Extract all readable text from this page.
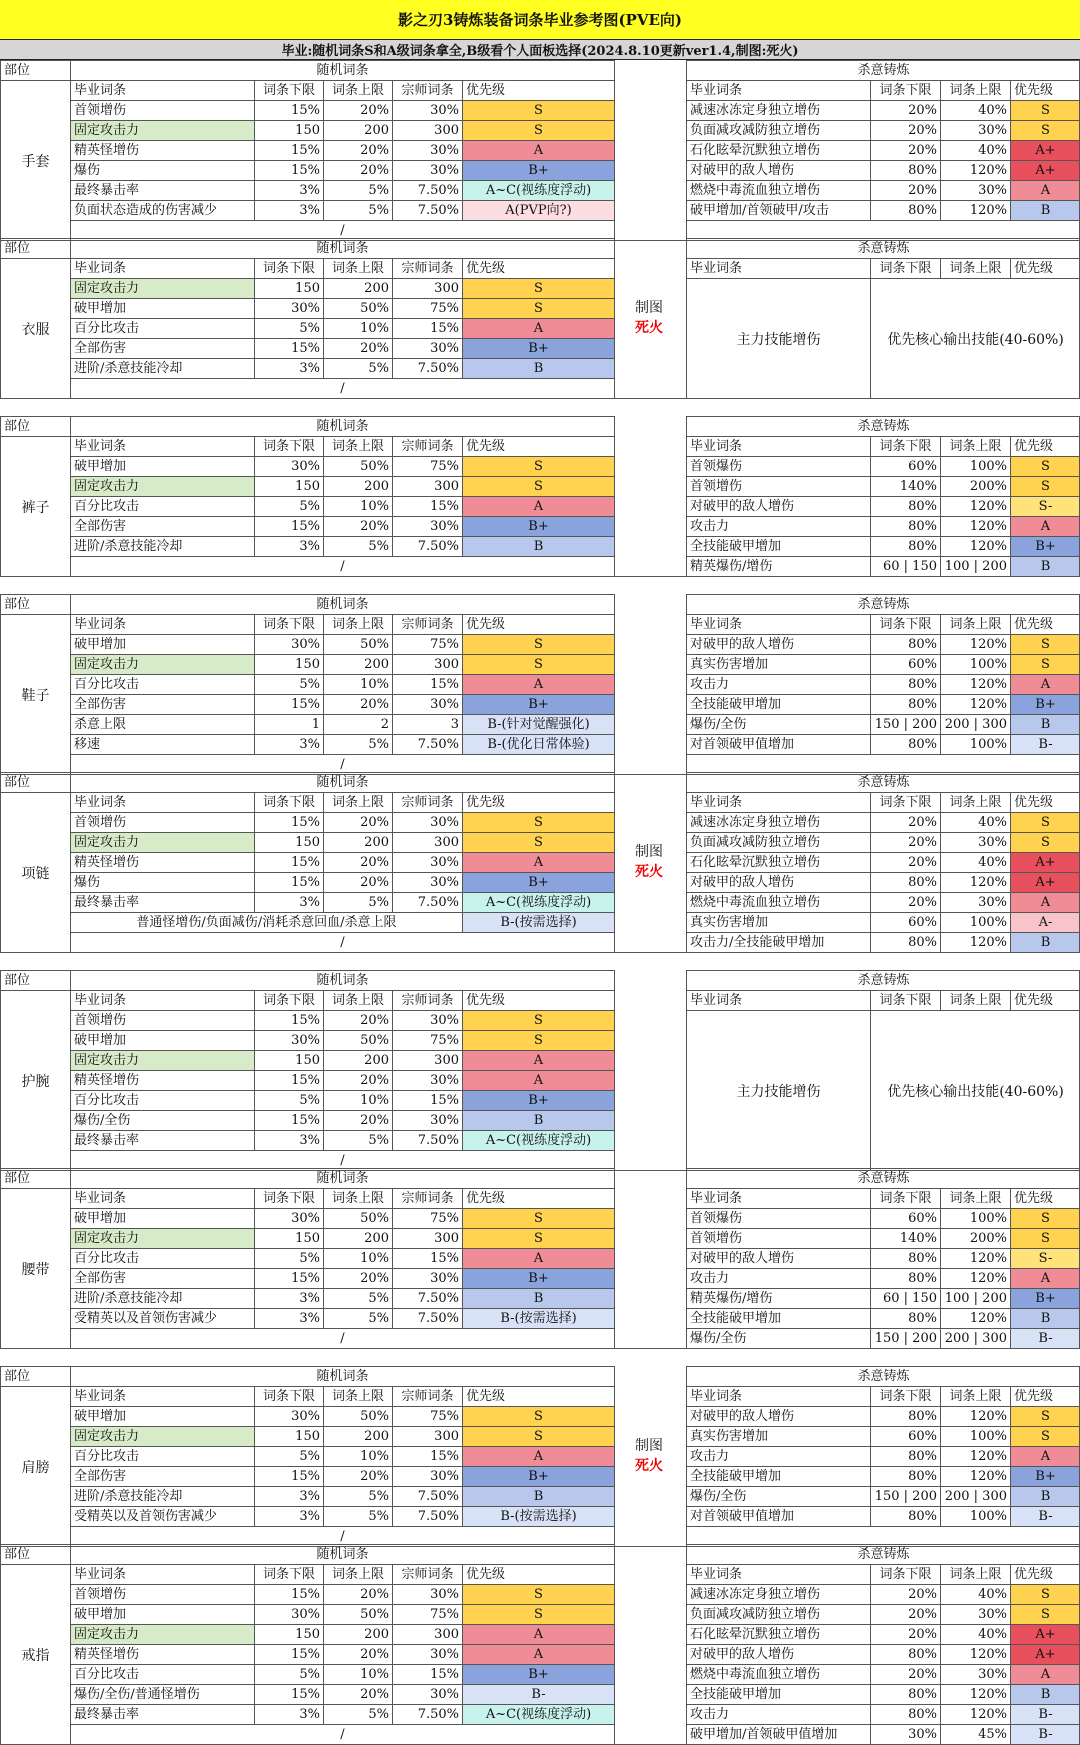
影之刃3铸炼装备词条毕业参考图(PVE向)
毕业:随机词条S和A级词条拿全,B级看个人面板选择(2024.8.10更新ver1.4,制图:死火)
部位	随机词条	杀意铸炼
毕业词条	词条下限	词条上限	宗师词条 优先级	毕业词条	词条下限	词条上限 优先级
首领增伤	15%	20%	30%	S
固定攻击力	150	200	300	S
精英怪增伤	15%	20%	30%	A
爆伤	15%	20%	30%	B+
最终暴击率	3%	5%	7.50%	A~C(视练度浮动)
负面状态造成的伤害减少	3%	5%	7.50%	A(PVP向?)
/
手套
减速冰冻定身独立增伤	20%	40%	S
负面减攻减防独立增伤	20%	30%	S
石化眩晕沉默独立增伤	20%	40%	A+
对破甲的敌人增伤	80%	120%	A+
燃烧中毒流血独立增伤	20%	30%	A
破甲增加/首领破甲/攻击	80%	120%	B
部位	随机词条	杀意铸炼
毕业词条	词条下限	词条上限	宗师词条 优先级	毕业词条	词条下限	词条上限 优先级
固定攻击力	150	200	300	S
破甲增加	30%	50%	75%	S
百分比攻击	5%	10%	15%	A
全部伤害	15%	20%	30%	B+
进阶/杀意技能冷却	3%	5%	7.50%	B
/
衣服
制图
死火
主力技能增伤	优先核心输出技能(40-60%)
部位	随机词条	杀意铸炼
毕业词条	词条下限	词条上限	宗师词条 优先级	毕业词条	词条下限	词条上限 优先级
破甲增加	30%	50%	75%	S
固定攻击力	150	200	300	S
百分比攻击	5%	10%	15%	A
全部伤害	15%	20%	30%	B+
进阶/杀意技能冷却	3%	5%	7.50%	B
/
裤子
首领爆伤	60%	100%	S
首领增伤	140%	200%	S
对破甲的敌人增伤	80%	120%	S-
攻击力	80%	120%	A
全技能破甲增加	80%	120%	B+
精英爆伤/增伤	60 | 150 100 | 200	B
部位	随机词条	杀意铸炼
毕业词条	词条下限	词条上限	宗师词条 优先级	毕业词条	词条下限	词条上限 优先级
破甲增加	30%	50%	75%	S
固定攻击力	150	200	300	S
百分比攻击	5%	10%	15%	A
全部伤害	15%	20%	30%	B+
杀意上限	1	2	3	B-(针对觉醒强化)
移速	3%	5%	7.50%	B-(优化日常体验)
/
鞋子
对破甲的敌人增伤	80%	120%	S
真实伤害增加	60%	100%	S
攻击力	80%	120%	A
全技能破甲增加	80%	120%	B+
爆伤/全伤	150 | 200 200 | 300	B
对首领破甲值增加	80%	100%	B-
部位	随机词条	杀意铸炼
毕业词条	词条下限	词条上限	宗师词条 优先级	毕业词条	词条下限	词条上限 优先级
首领增伤	15%	20%	30%	S
固定攻击力	150	200	300	S
精英怪增伤	15%	20%	30%	A
爆伤	15%	20%	30%	B+
最终暴击率	3%	5%	7.50%	A~C(视练度浮动)
普通怪增伤/负面减伤/消耗杀意回血/杀意上限	B-(按需选择)
/
项链
制图
死火
减速冰冻定身独立增伤	20%	40%	S
负面减攻减防独立增伤	20%	30%	S
石化眩晕沉默独立增伤	20%	40%	A+
对破甲的敌人增伤	80%	120%	A+
燃烧中毒流血独立增伤	20%	30%	A
真实伤害增加	60%	100%	A-
攻击力/全技能破甲增加	80%	120%	B
部位	随机词条	杀意铸炼
毕业词条	词条下限	词条上限	宗师词条 优先级	毕业词条	词条下限	词条上限 优先级
首领增伤	15%	20%	30%	S
破甲增加	30%	50%	75%	S
固定攻击力	150	200	300	A
精英怪增伤	15%	20%	30%	A
百分比攻击	5%	10%	15%	B+
爆伤/全伤	15%	20%	30%	B
最终暴击率	3%	5%	7.50%	A~C(视练度浮动)
/
护腕
主力技能增伤	优先核心输出技能(40-60%)
部位	随机词条	杀意铸炼
毕业词条	词条下限	词条上限	宗师词条 优先级	毕业词条	词条下限	词条上限 优先级
破甲增加	30%	50%	75%	S
固定攻击力	150	200	300	S
百分比攻击	5%	10%	15%	A
全部伤害	15%	20%	30%	B+
进阶/杀意技能冷却	3%	5%	7.50%	B
受精英以及首领伤害减少	3%	5%	7.50%	B-(按需选择)
/
腰带
首领爆伤	60%	100%	S
首领增伤	140%	200%	S
对破甲的敌人增伤	80%	120%	S-
攻击力	80%	120%	A
精英爆伤/增伤	60 | 150 100 | 200	B+
全技能破甲增加	80%	120%	B
爆伤/全伤	150 | 200 200 | 300	B-
部位	随机词条	杀意铸炼
毕业词条	词条下限	词条上限	宗师词条 优先级	毕业词条	词条下限	词条上限 优先级
破甲增加	30%	50%	75%	S
固定攻击力	150	200	300	S
百分比攻击	5%	10%	15%	A
全部伤害	15%	20%	30%	B+
进阶/杀意技能冷却	3%	5%	7.50%	B
受精英以及首领伤害减少	3%	5%	7.50%	B-(按需选择)
/
肩膀
制图
死火
对破甲的敌人增伤	80%	120%	S
真实伤害增加	60%	100%	S
攻击力	80%	120%	A
全技能破甲增加	80%	120%	B+
爆伤/全伤	150 | 200 200 | 300	B
对首领破甲值增加	80%	100%	B-
部位	随机词条	杀意铸炼
毕业词条	词条下限	词条上限	宗师词条 优先级	毕业词条	词条下限	词条上限 优先级
首领增伤	15%	20%	30%	S
破甲增加	30%	50%	75%	S
固定攻击力	150	200	300	A
精英怪增伤	15%	20%	30%	A
百分比攻击	5%	10%	15%	B+
爆伤/全伤/普通怪增伤	15%	20%	30%	B-
最终暴击率	3%	5%	7.50%	A~C(视练度浮动)
/
戒指
减速冰冻定身独立增伤	20%	40%	S
负面减攻减防独立增伤	20%	30%	S
石化眩晕沉默独立增伤	20%	40%	A+
对破甲的敌人增伤	80%	120%	A+
燃烧中毒流血独立增伤	20%	30%	A
全技能破甲增加	80%	120%	B
攻击力	80%	120%	B-
破甲增加/首领破甲值增加	30%	45%	B-
